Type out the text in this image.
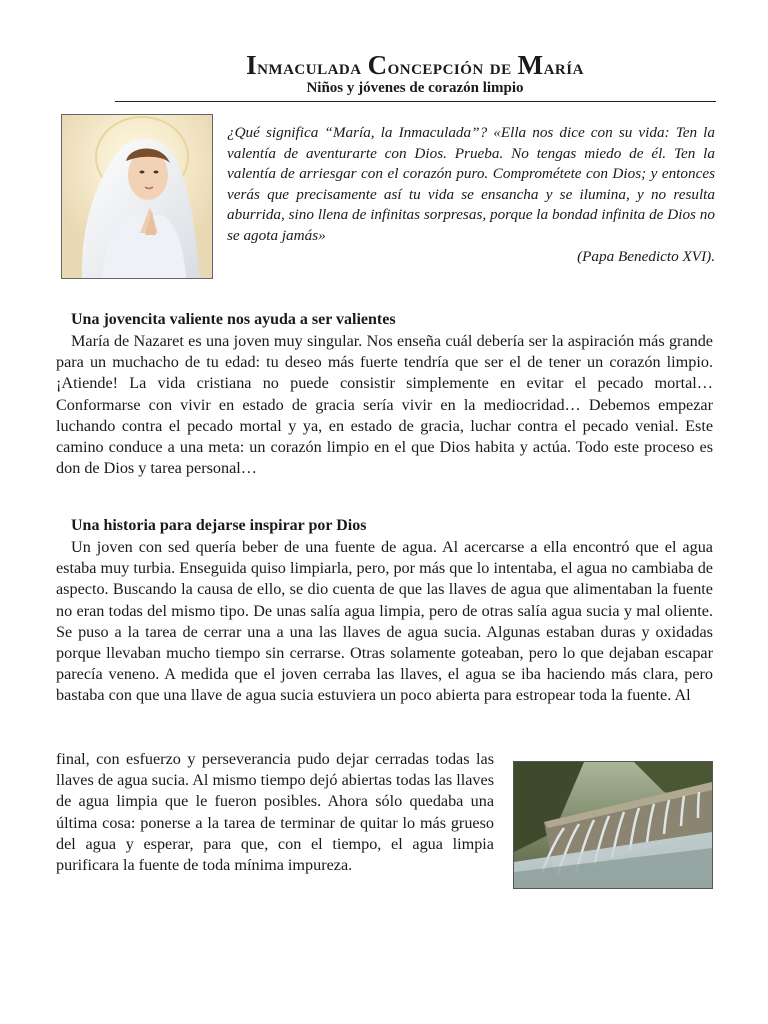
Inmaculada Concepción de María

Niños y jóvenes de corazón limpio

¿Qué significa “María, la Inmaculada”? «Ella nos dice con su vida: Ten la valentía de aventurarte con Dios. Prueba. No tengas miedo de él. Ten la valentía de arriesgar con el corazón puro. Comprométete con Dios; y entonces verás que precisamente así tu vida se ensancha y se ilumina, y no resulta aburrida, sino llena de infinitas sorpresas, porque la bondad infinita de Dios no se agota jamás»

(Papa Benedicto XVI).

Una jovencita valiente nos ayuda a ser valientes

María de Nazaret es una joven muy singular. Nos enseña cuál debería ser la aspiración más grande para un muchacho de tu edad: tu deseo más fuerte tendría que ser el de tener un corazón limpio. ¡Atiende! La vida cristiana no puede consistir simplemente en evitar el pecado mortal… Conformarse con vivir en estado de gracia sería vivir en la mediocridad… Debemos empezar luchando contra el pecado mortal y ya, en estado de gracia, luchar contra el pecado venial. Este camino conduce a una meta: un corazón limpio en el que Dios habita y actúa. Todo este proceso es don de Dios y tarea personal…

Una historia para dejarse inspirar por Dios

Un joven con sed quería beber de una fuente de agua. Al acercarse a ella encontró que el agua estaba muy turbia. Enseguida quiso limpiarla, pero, por más que lo intentaba, el agua no cambiaba de aspecto. Buscando la causa de ello, se dio cuenta de que las llaves de agua que alimentaban la fuente no eran todas del mismo tipo. De unas salía agua limpia, pero de otras salía agua sucia y mal oliente. Se puso a la tarea de cerrar una a una las llaves de agua sucia. Algunas estaban duras y oxidadas porque llevaban mucho tiempo sin cerrarse. Otras solamente goteaban, pero lo que dejaban escapar parecía veneno. A medida que el joven cerraba las llaves, el agua se iba haciendo más clara, pero bastaba con que una llave de agua sucia estuviera un poco abierta para estropear toda la fuente. Al

final, con esfuerzo y perseverancia pudo dejar cerradas todas las llaves de agua sucia. Al mismo tiempo dejó abiertas todas las llaves de agua limpia que le fueron posibles. Ahora sólo quedaba una última cosa: ponerse a la tarea de terminar de quitar lo más grueso del agua y esperar, para que, con el tiempo, el agua limpia purificara la fuente de toda mínima impureza.
